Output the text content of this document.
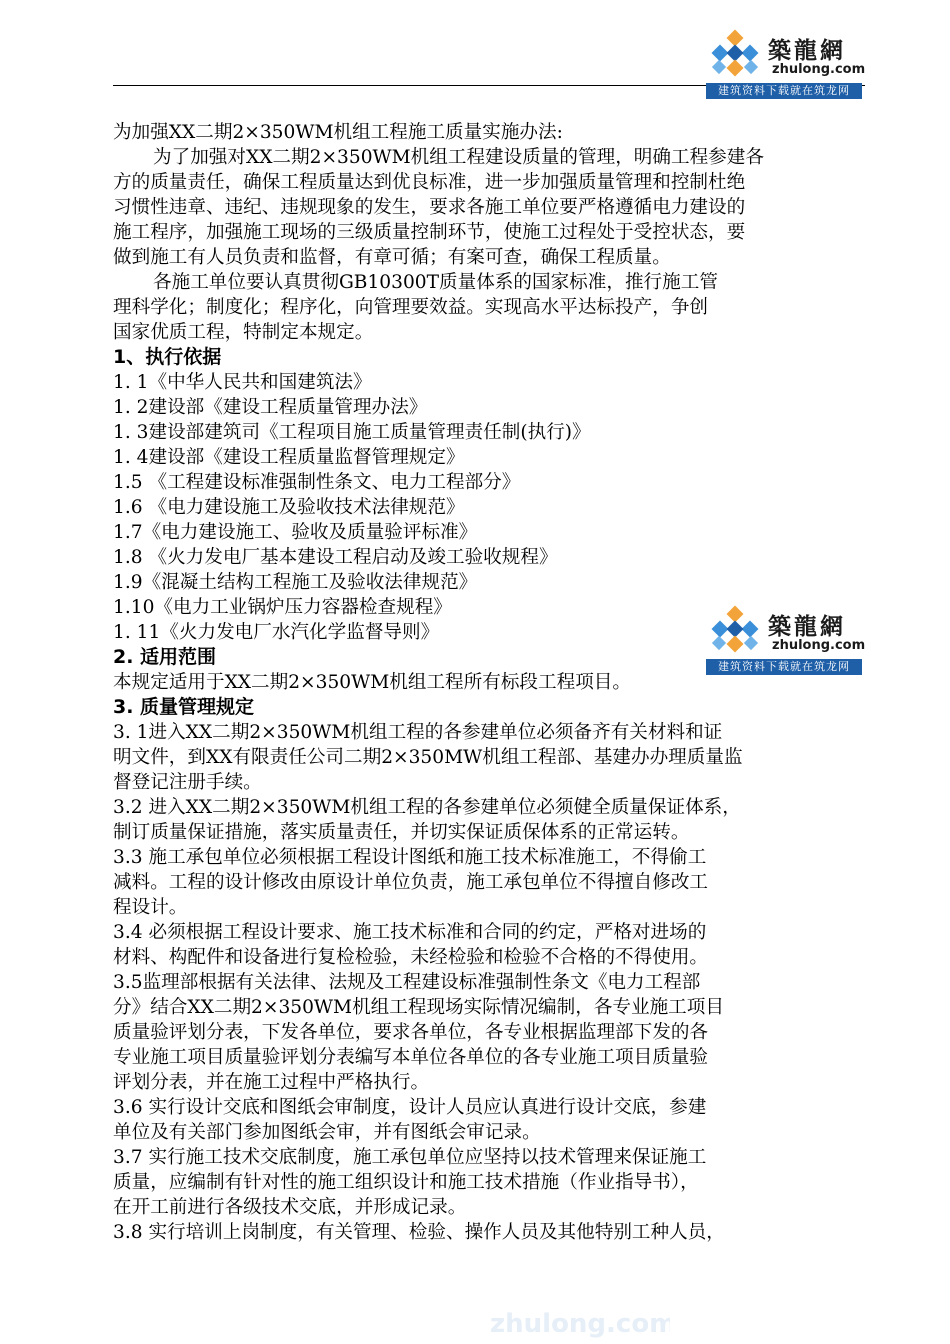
zhulong.com
築龍網
zhulong.com
建筑资料下载就在筑龙网
築龍網
zhulong.com
建筑资料下载就在筑龙网
为加强XX二期2×350WM机组工程施工质量实施办法:
为了加强对XX二期2×350WM机组工程建设质量的管理，明确工程参建各
方的质量责任，确保工程质量达到优良标准，进一步加强质量管理和控制杜绝
习惯性违章、违纪、违规现象的发生，要求各施工单位要严格遵循电力建设的
施工程序，加强施工现场的三级质量控制环节，使施工过程处于受控状态，要
做到施工有人员负责和监督，有章可循；有案可查，确保工程质量。
各施工单位要认真贯彻GB10300T质量体系的国家标准，推行施工管
理科学化；制度化；程序化，向管理要效益。实现高水平达标投产，争创
国家优质工程，特制定本规定。
1、执行依据
1. 1《中华人民共和国建筑法》
1. 2建设部《建设工程质量管理办法》
1. 3建设部建筑司《工程项目施工质量管理责任制(执行)》
1. 4建设部《建设工程质量监督管理规定》
1.5 《工程建设标准强制性条文、电力工程部分》
1.6 《电力建设施工及验收技术法律规范》
1.7《电力建设施工、验收及质量验评标准》
1.8 《火力发电厂基本建设工程启动及竣工验收规程》
1.9《混凝土结构工程施工及验收法律规范》
1.10《电力工业锅炉压力容器检查规程》
1. 11《火力发电厂水汽化学监督导则》
2. 适用范围
本规定适用于XX二期2×350WM机组工程所有标段工程项目。
3. 质量管理规定
3. 1进入XX二期2×350WM机组工程的各参建单位必须备齐有关材料和证
明文件，到XX有限责任公司二期2×350MW机组工程部、基建办办理质量监
督登记注册手续。
3.2 进入XX二期2×350WM机组工程的各参建单位必须健全质量保证体系，
制订质量保证措施，落实质量责任，并切实保证质保体系的正常运转。
3.3 施工承包单位必须根据工程设计图纸和施工技术标准施工，不得偷工
减料。工程的设计修改由原设计单位负责，施工承包单位不得擅自修改工
程设计。
3.4 必须根据工程设计要求、施工技术标准和合同的约定，严格对进场的
材料、构配件和设备进行复检检验，未经检验和检验不合格的不得使用。
3.5监理部根据有关法律、法规及工程建设标准强制性条文《电力工程部
分》结合XX二期2×350WM机组工程现场实际情况编制，各专业施工项目
质量验评划分表，下发各单位，要求各单位，各专业根据监理部下发的各
专业施工项目质量验评划分表编写本单位各单位的各专业施工项目质量验
评划分表，并在施工过程中严格执行。
3.6 实行设计交底和图纸会审制度，设计人员应认真进行设计交底，参建
单位及有关部门参加图纸会审，并有图纸会审记录。
3.7 实行施工技术交底制度，施工承包单位应坚持以技术管理来保证施工
质量，应编制有针对性的施工组织设计和施工技术措施（作业指导书），
在开工前进行各级技术交底，并形成记录。
3.8 实行培训上岗制度，有关管理、检验、操作人员及其他特别工种人员，
